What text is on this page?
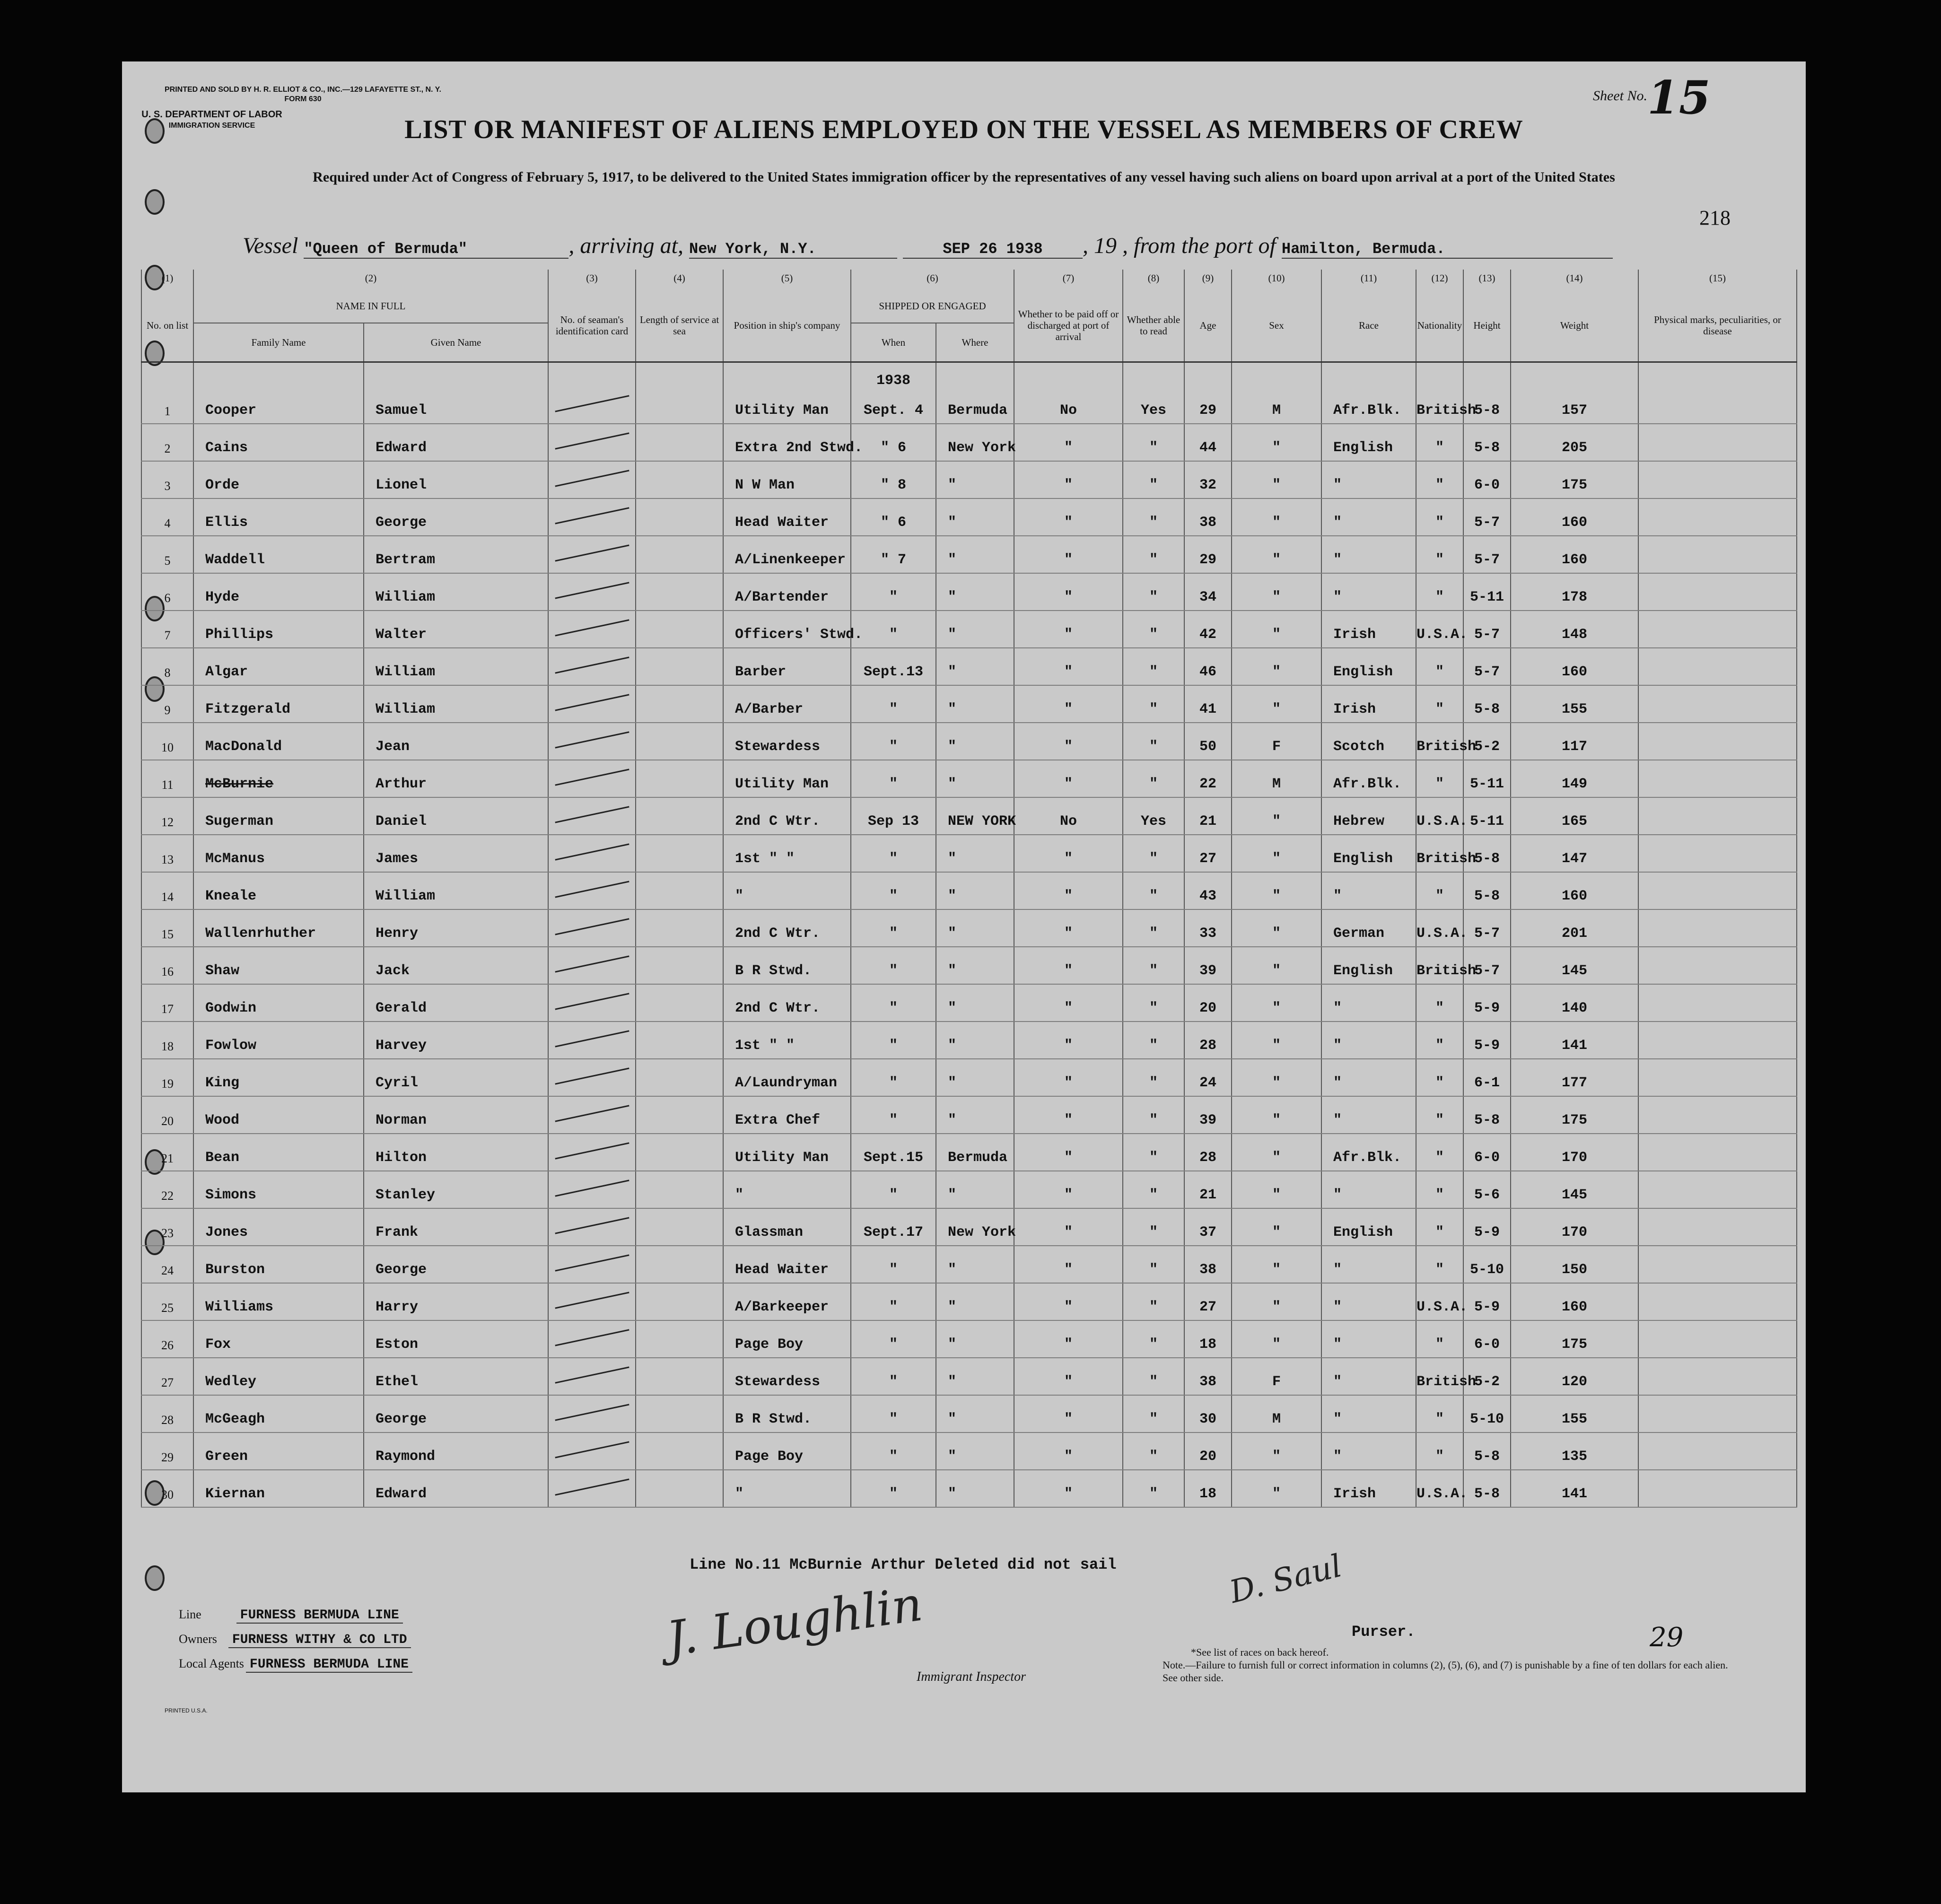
PRINTED AND SOLD BY H. R. ELLIOT & CO., INC.—129 LAFAYETTE ST., N. Y.
FORM 630
U. S. DEPARTMENT OF LABOR
IMMIGRATION SERVICE
Sheet No. 15
LIST OR MANIFEST OF ALIENS EMPLOYED ON THE VESSEL AS MEMBERS OF CREW
Required under Act of Congress of February 5, 1917, to be delivered to the United States immigration officer by the representatives of any vessel having such aliens on board upon arrival at a port of the United States
218
Vessel "Queen of Bermuda"	, arriving at, New York, N.Y.	SEP 26 1938 , 19 , from the port of Hamilton, Bermuda.
(1)	(2)		(3)	(4)	(5)	(6)		(7)	(8)	(9)	(10)	(11)	(12)	(13)	(14)	(15)
No. on list	NAME IN FULL		No. of seaman's identification card	Length of service at sea	Position in ship's company	SHIPPED OR ENGAGED		Whether to be paid off or discharged at port of arrival	Whether able to read	Age	Sex	Race	Nationality	Height	Weight	Physical marks, peculiarities, or disease
	Family Name	Given Name				When	Where									
						1938										
1	Cooper	Samuel			Utility Man	Sept. 4	Bermuda	No	Yes	29	M	Afr.Blk.	British	5-8	157	
2	Cains	Edward			Extra 2nd Stwd.	" 6	New York	"	"	44	"	English	"	5-8	205	
3	Orde	Lionel			N W Man	" 8	"	"	"	32	"	"	"	6-0	175	
4	Ellis	George			Head Waiter	" 6	"	"	"	38	"	"	"	5-7	160	
5	Waddell	Bertram			A/Linenkeeper	" 7	"	"	"	29	"	"	"	5-7	160	
6	Hyde	William			A/Bartender	"	"	"	"	34	"	"	"	5-11	178	
7	Phillips	Walter			Officers' Stwd.	"	"	"	"	42	"	Irish	U.S.A.	5-7	148	
8	Algar	William			Barber	Sept.13	"	"	"	46	"	English	"	5-7	160	
9	Fitzgerald	William			A/Barber	"	"	"	"	41	"	Irish	"	5-8	155	
10	MacDonald	Jean			Stewardess	"	"	"	"	50	F	Scotch	British	5-2	117	
11	McBurnie	Arthur			Utility Man	"	"	"	"	22	M	Afr.Blk.	"	5-11	149	
12	Sugerman	Daniel			2nd C Wtr.	Sep 13	NEW YORK	No	Yes	21	"	Hebrew	U.S.A.	5-11	165	
13	McManus	James			1st " "	"	"	"	"	27	"	English	British	5-8	147	
14	Kneale	William			"	"	"	"	"	43	"	"	"	5-8	160	
15	Wallenrhuther	Henry			2nd C Wtr.	"	"	"	"	33	"	German	U.S.A.	5-7	201	
16	Shaw	Jack			B R Stwd.	"	"	"	"	39	"	English	British	5-7	145	
17	Godwin	Gerald			2nd C Wtr.	"	"	"	"	20	"	"	"	5-9	140	
18	Fowlow	Harvey			1st " "	"	"	"	"	28	"	"	"	5-9	141	
19	King	Cyril			A/Laundryman	"	"	"	"	24	"	"	"	6-1	177	
20	Wood	Norman			Extra Chef	"	"	"	"	39	"	"	"	5-8	175	
21	Bean	Hilton			Utility Man	Sept.15	Bermuda	"	"	28	"	Afr.Blk.	"	6-0	170	
22	Simons	Stanley			"	"	"	"	"	21	"	"	"	5-6	145	
23	Jones	Frank			Glassman	Sept.17	New York	"	"	37	"	English	"	5-9	170	
24	Burston	George			Head Waiter	"	"	"	"	38	"	"	"	5-10	150	
25	Williams	Harry			A/Barkeeper	"	"	"	"	27	"	"	U.S.A.	5-9	160	
26	Fox	Eston			Page Boy	"	"	"	"	18	"	"	"	6-0	175	
27	Wedley	Ethel			Stewardess	"	"	"	"	38	F	"	British	5-2	120	
28	McGeagh	George			B R Stwd.	"	"	"	"	30	M	"	"	5-10	155	
29	Green	Raymond			Page Boy	"	"	"	"	20	"	"	"	5-8	135	
30	Kiernan	Edward			"	"	"	"	"	18	"	Irish	U.S.A.	5-8	141	
Line No.11 McBurnie Arthur Deleted did not sail
Line	FURNESS BERMUDA LINE
Owners FURNESS WITHY & CO LTD
Local Agents FURNESS BERMUDA LINE	J. Loughlin
Immigrant Inspector
D. Saul
Purser.
*See list of races on back hereof.
Note.—Failure to furnish full or correct information in columns (2), (5), (6), and (7) is punishable by a fine of ten dollars for each alien. See other side.
29
PRINTED U.S.A.
